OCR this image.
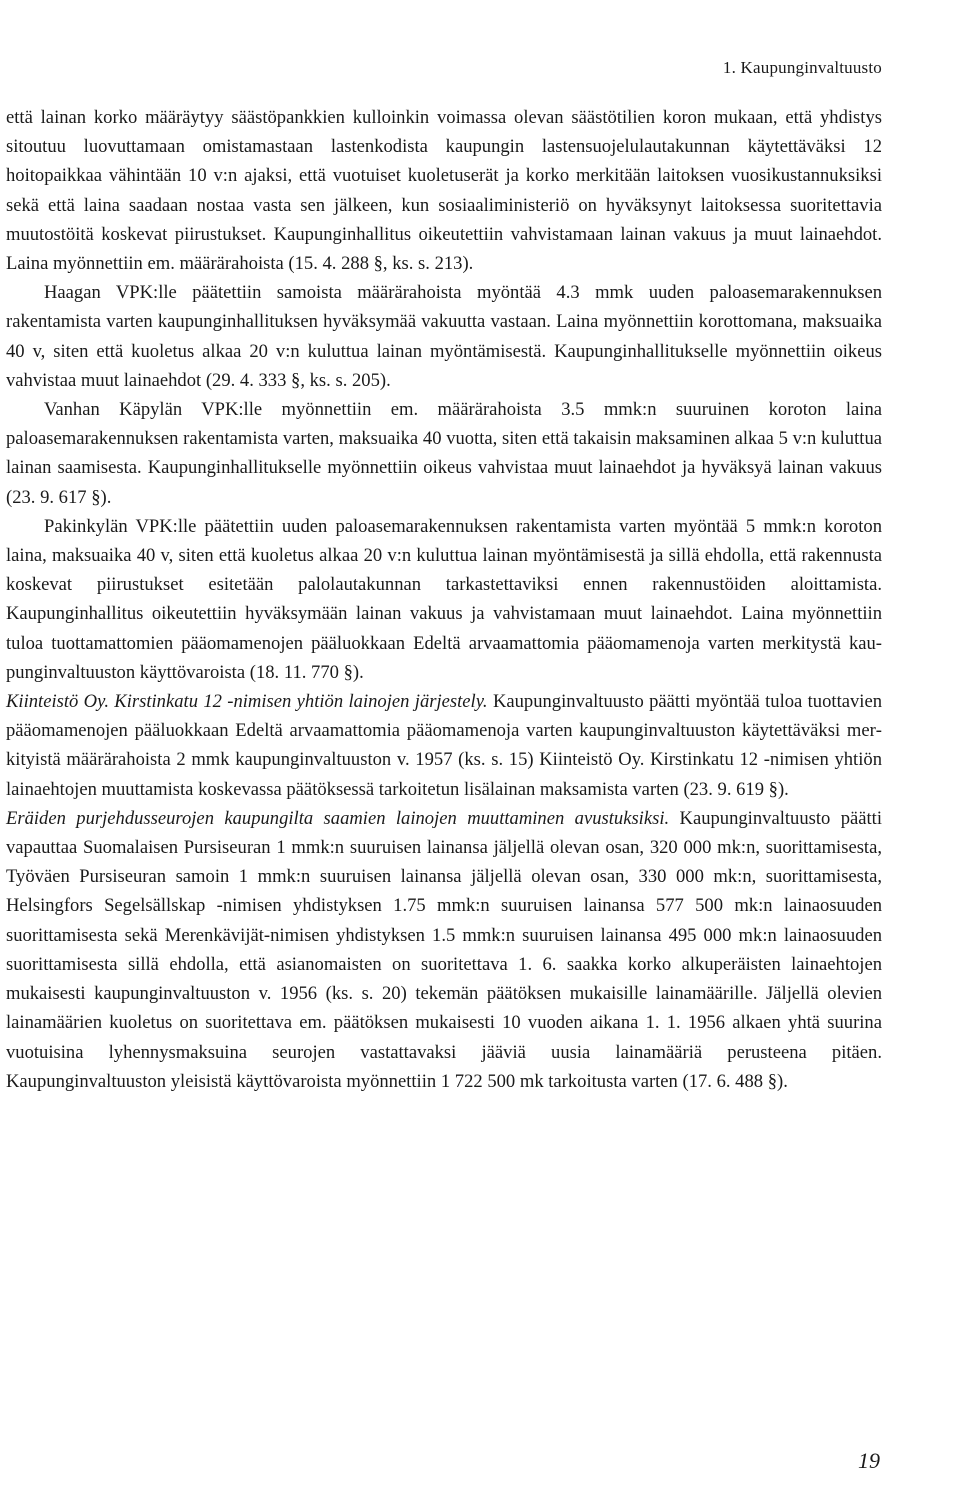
1. Kaupunginvaltuusto

että lainan korko määräytyy säästöpankkien kulloinkin voimassa olevan säästötilien koron mukaan, että yhdistys sitoutuu luovuttamaan omistamastaan lastenkodista kaupungin lastensuojelulautakunnan käytettäväksi 12 hoitopaikkaa vähintään 10 v:n ajaksi, että vuotuiset kuoletuserät ja korko merkitään laitoksen vuosikustannuksiksi sekä että laina saadaan nostaa vasta sen jälkeen, kun sosiaaliministeriö on hyväksynyt laitoksessa suoritettavia muutostöitä koskevat piirustukset. Kaupunginhallitus oikeutettiin vahvistamaan lainan vakuus ja muut lainaehdot. Laina myönnettiin em. määrärahoista (15. 4. 288 §, ks. s. 213).

Haagan VPK:lle päätettiin samoista määrärahoista myöntää 4.3 mmk uuden paloasemarakennuksen rakentamista varten kaupunginhallituksen hyväksymää vakuutta vastaan. Laina myönnettiin korottomana, maksuaika 40 v, siten että kuoletus alkaa 20 v:n kuluttua lainan myöntämisestä. Kaupunginhallitukselle myönnettiin oikeus vahvistaa muut lainaehdot (29. 4. 333 §, ks. s. 205).

Vanhan Käpylän VPK:lle myönnettiin em. määrärahoista 3.5 mmk:n suuruinen koroton laina paloasemarakennuksen rakentamista varten, maksuaika 40 vuotta, siten että takaisin maksaminen alkaa 5 v:n kuluttua lainan saamisesta. Kaupunginhallitukselle myönnettiin oikeus vahvistaa muut lainaehdot ja hyväksyä lainan vakuus (23. 9. 617 §).

Pakinkylän VPK:lle päätettiin uuden paloasemarakennuksen rakentamista varten myöntää 5 mmk:n koroton laina, maksuaika 40 v, siten että kuoletus alkaa 20 v:n kuluttua lainan myöntämisestä ja sillä ehdolla, että rakennusta koskevat piirustukset esitetään palolautakunnan tarkastettaviksi ennen rakennustöiden aloittamista. Kaupunginhallitus oikeutettiin hyväksymään lainan vakuus ja vahvistamaan muut lainaehdot. Laina myönnettiin tuloa tuottamattomien pääomamenojen pääluokkaan Edeltä arvaamattomia pääomamenoja varten merkitystä kaupunginvaltuuston käyttövaroista (18. 11. 770 §).

Kiinteistö Oy. Kirstinkatu 12 -nimisen yhtiön lainojen järjestely. Kaupunginvaltuusto päätti myöntää tuloa tuottavien pääomamenojen pääluokkaan Edeltä arvaamattomia pääomamenoja varten kaupunginvaltuuston käytettäväksi merkityistä määrärahoista 2 mmk kaupunginvaltuuston v. 1957 (ks. s. 15) Kiinteistö Oy. Kirstinkatu 12 -nimisen yhtiön lainaehtojen muuttamista koskevassa päätöksessä tarkoitetun lisälainan maksamista varten (23. 9. 619 §).

Eräiden purjehdusseurojen kaupungilta saamien lainojen muuttaminen avustuksiksi. Kaupunginvaltuusto päätti vapauttaa Suomalaisen Pursiseuran 1 mmk:n suuruisen lainansa jäljellä olevan osan, 320 000 mk:n, suorittamisesta, Työväen Pursiseuran samoin 1 mmk:n suuruisen lainansa jäljellä olevan osan, 330 000 mk:n, suorittamisesta, Helsingfors Segelsällskap -nimisen yhdistyksen 1.75 mmk:n suuruisen lainansa 577 500 mk:n lainaosuuden suorittamisesta sekä Merenkävijät-nimisen yhdistyksen 1.5 mmk:n suuruisen lainansa 495 000 mk:n lainaosuuden suorittamisesta sillä ehdolla, että asianomaisten on suoritettava 1. 6. saakka korko alkuperäisten lainaehtojen mukaisesti kaupunginvaltuuston v. 1956 (ks. s. 20) tekemän päätöksen mukaisille lainamäärille. Jäljellä olevien lainamäärien kuoletus on suoritettava em. päätöksen mukaisesti 10 vuoden aikana 1. 1. 1956 alkaen yhtä suurina vuotuisina lyhennysmaksuina seurojen vastattavaksi jääviä uusia lainamääriä perusteena pitäen. Kaupunginvaltuuston yleisistä käyttövaroista myönnettiin 1 722 500 mk tarkoitusta varten (17. 6. 488 §).

19
